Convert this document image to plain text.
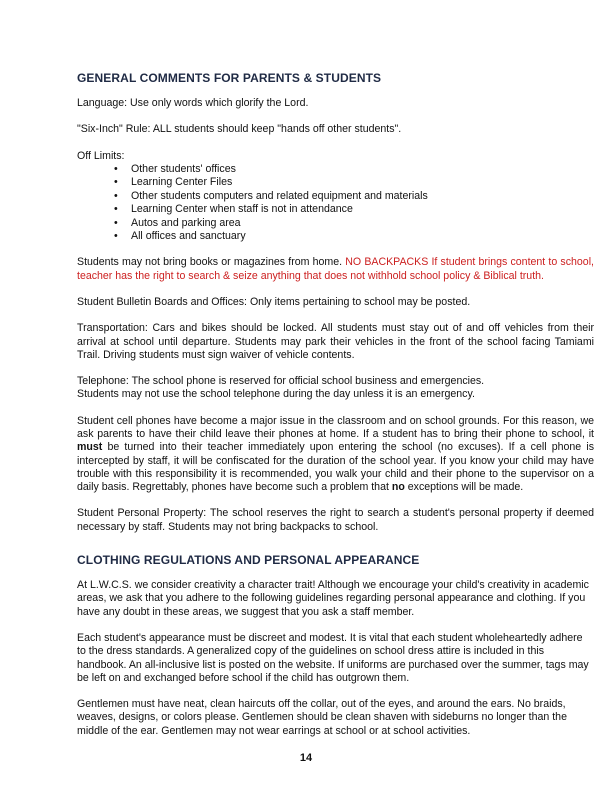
GENERAL COMMENTS FOR PARENTS & STUDENTS

Language: Use only words which glorify the Lord.

"Six-Inch" Rule: ALL students should keep "hands off other students".

Off Limits:

• Other students' offices
• Learning Center Files
• Other students computers and related equipment and materials
• Learning Center when staff is not in attendance
• Autos and parking area
• All offices and sanctuary

Students may not bring books or magazines from home. NO BACKPACKS If student brings content to school, teacher has the right to search & seize anything that does not withhold school policy & Biblical truth.

Student Bulletin Boards and Offices: Only items pertaining to school may be posted.

Transportation: Cars and bikes should be locked. All students must stay out of and off vehicles from their arrival at school until departure. Students may park their vehicles in the front of the school facing Tamiami Trail. Driving students must sign waiver of vehicle contents.

Telephone: The school phone is reserved for official school business and emergencies.

Students may not use the school telephone during the day unless it is an emergency.

Student cell phones have become a major issue in the classroom and on school grounds. For this reason, we ask parents to have their child leave their phones at home. If a student has to bring their phone to school, it must be turned into their teacher immediately upon entering the school (no excuses). If a cell phone is intercepted by staff, it will be confiscated for the duration of the school year. If you know your child may have trouble with this responsibility it is recommended, you walk your child and their phone to the supervisor on a daily basis. Regrettably, phones have become such a problem that no exceptions will be made.

Student Personal Property: The school reserves the right to search a student's personal property if deemed necessary by staff. Students may not bring backpacks to school.

CLOTHING REGULATIONS AND PERSONAL APPEARANCE

At L.W.C.S. we consider creativity a character trait! Although we encourage your child's creativity in academic areas, we ask that you adhere to the following guidelines regarding personal appearance and clothing. If you have any doubt in these areas, we suggest that you ask a staff member.

Each student's appearance must be discreet and modest. It is vital that each student wholeheartedly adhere to the dress standards. A generalized copy of the guidelines on school dress attire is included in this handbook. An all-inclusive list is posted on the website. If uniforms are purchased over the summer, tags may be left on and exchanged before school if the child has outgrown them.

Gentlemen must have neat, clean haircuts off the collar, out of the eyes, and around the ears. No braids, weaves, designs, or colors please. Gentlemen should be clean shaven with sideburns no longer than the middle of the ear. Gentlemen may not wear earrings at school or at school activities.

14
